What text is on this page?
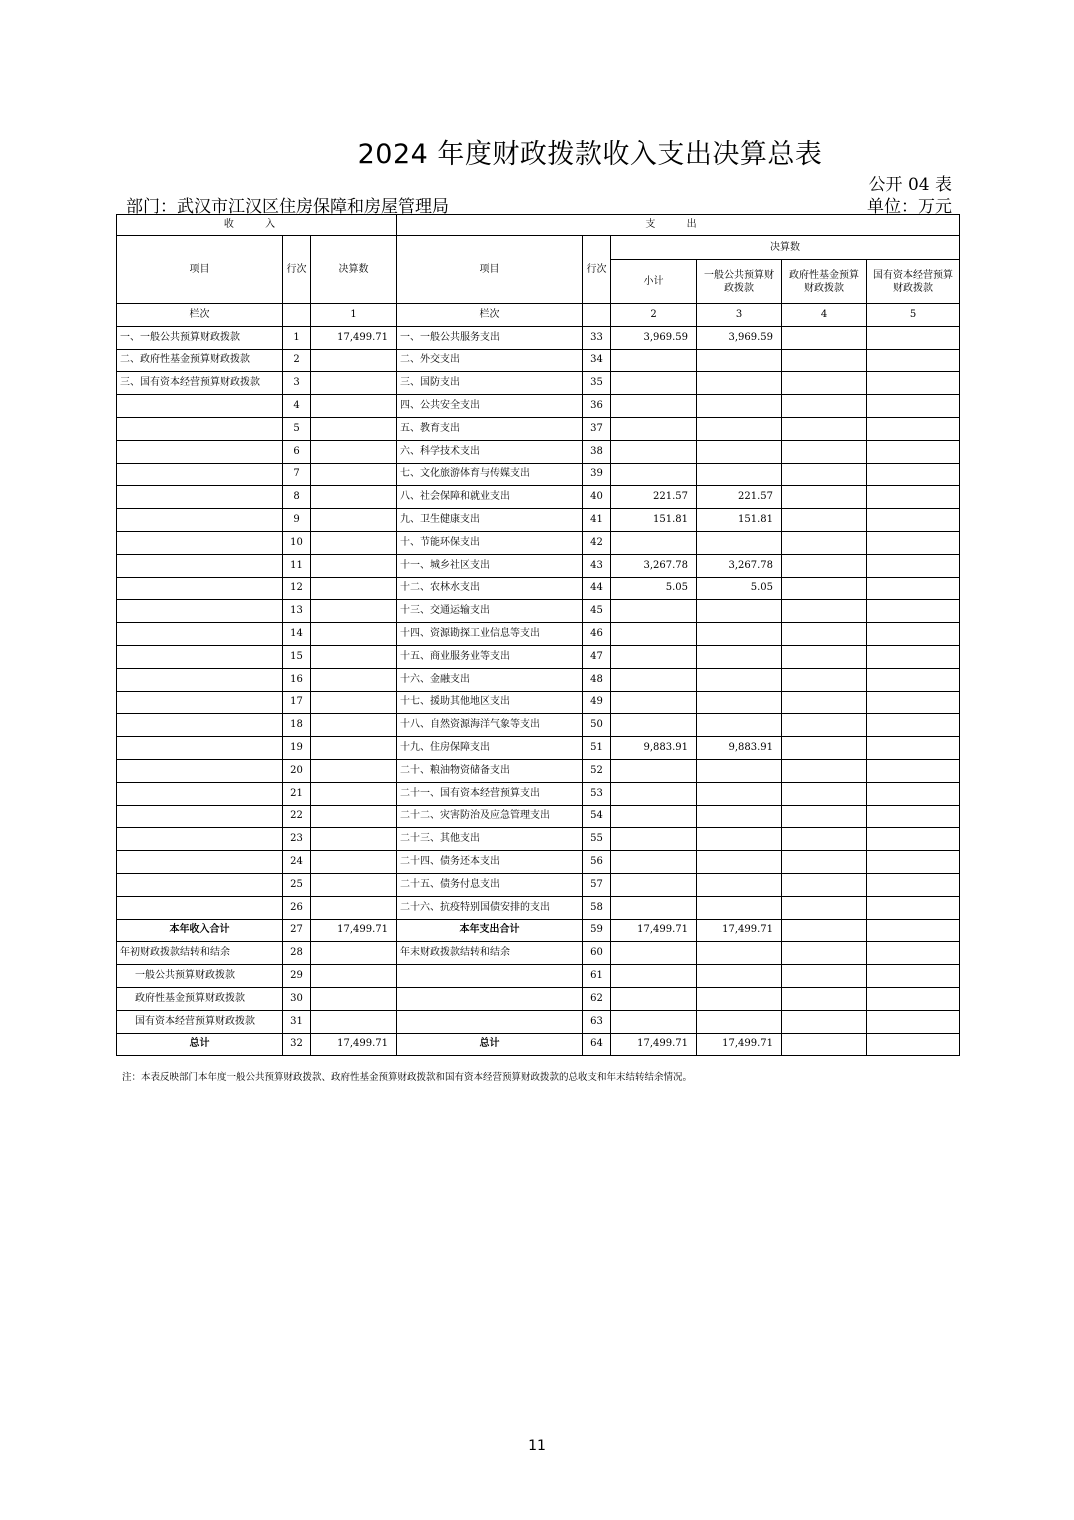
2024 年度财政拨款收入支出决算总表
公开 04 表
部门：武汉市江汉区住房保障和房屋管理局	单位：万元
收 入			支 出					
项目	行次	决算数	项目	行次	决算数			
					小计	一般公共预算财政拨款	政府性基金预算财政拨款	国有资本经营预算财政拨款
栏次		1	栏次		2	3	4	5
一、一般公共预算财政拨款	1	17,499.71	一、一般公共服务支出	33	3,969.59	3,969.59		
二、政府性基金预算财政拨款	2		二、外交支出	34				
三、国有资本经营预算财政拨款	3		三、国防支出	35				
	4		四、公共安全支出	36				
	5		五、教育支出	37				
	6		六、科学技术支出	38				
	7		七、文化旅游体育与传媒支出	39				
	8		八、社会保障和就业支出	40	221.57	221.57		
	9		九、卫生健康支出	41	151.81	151.81		
	10		十、节能环保支出	42				
	11		十一、城乡社区支出	43	3,267.78	3,267.78		
	12		十二、农林水支出	44	5.05	5.05		
	13		十三、交通运输支出	45				
	14		十四、资源勘探工业信息等支出	46				
	15		十五、商业服务业等支出	47				
	16		十六、金融支出	48				
	17		十七、援助其他地区支出	49				
	18		十八、自然资源海洋气象等支出	50				
	19		十九、住房保障支出	51	9,883.91	9,883.91		
	20		二十、粮油物资储备支出	52				
	21		二十一、国有资本经营预算支出	53				
	22		二十二、灾害防治及应急管理支出	54				
	23		二十三、其他支出	55				
	24		二十四、债务还本支出	56				
	25		二十五、债务付息支出	57				
	26		二十六、抗疫特别国债安排的支出	58				
本年收入合计	27	17,499.71	本年支出合计	59	17,499.71	17,499.71		
年初财政拨款结转和结余	28		年末财政拨款结转和结余	60				
一般公共预算财政拨款	29			61				
政府性基金预算财政拨款	30			62				
国有资本经营预算财政拨款	31			63				
总计	32	17,499.71	总计	64	17,499.71	17,499.71		
注：本表反映部门本年度一般公共预算财政拨款、政府性基金预算财政拨款和国有资本经营预算财政拨款的总收支和年末结转结余情况。
11
